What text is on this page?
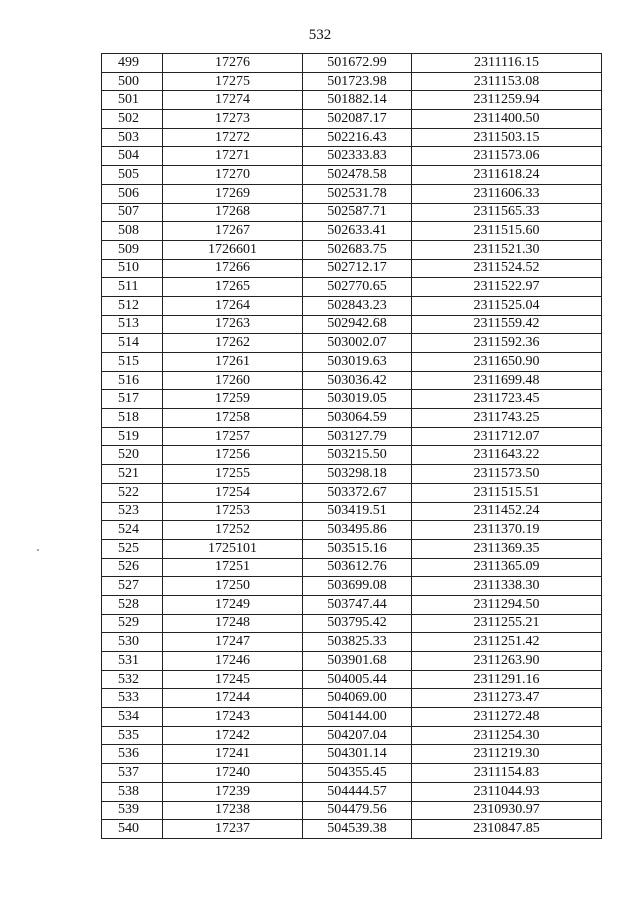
532
499	17276	501672.99	2311116.15
500	17275	501723.98	2311153.08
501	17274	501882.14	2311259.94
502	17273	502087.17	2311400.50
503	17272	502216.43	2311503.15
504	17271	502333.83	2311573.06
505	17270	502478.58	2311618.24
506	17269	502531.78	2311606.33
507	17268	502587.71	2311565.33
508	17267	502633.41	2311515.60
509	1726601	502683.75	2311521.30
510	17266	502712.17	2311524.52
511	17265	502770.65	2311522.97
512	17264	502843.23	2311525.04
513	17263	502942.68	2311559.42
514	17262	503002.07	2311592.36
515	17261	503019.63	2311650.90
516	17260	503036.42	2311699.48
517	17259	503019.05	2311723.45
518	17258	503064.59	2311743.25
519	17257	503127.79	2311712.07
520	17256	503215.50	2311643.22
521	17255	503298.18	2311573.50
522	17254	503372.67	2311515.51
523	17253	503419.51	2311452.24
524	17252	503495.86	2311370.19
525	1725101	503515.16	2311369.35
526	17251	503612.76	2311365.09
527	17250	503699.08	2311338.30
528	17249	503747.44	2311294.50
529	17248	503795.42	2311255.21
530	17247	503825.33	2311251.42
531	17246	503901.68	2311263.90
532	17245	504005.44	2311291.16
533	17244	504069.00	2311273.47
534	17243	504144.00	2311272.48
535	17242	504207.04	2311254.30
536	17241	504301.14	2311219.30
537	17240	504355.45	2311154.83
538	17239	504444.57	2311044.93
539	17238	504479.56	2310930.97
540	17237	504539.38	2310847.85
